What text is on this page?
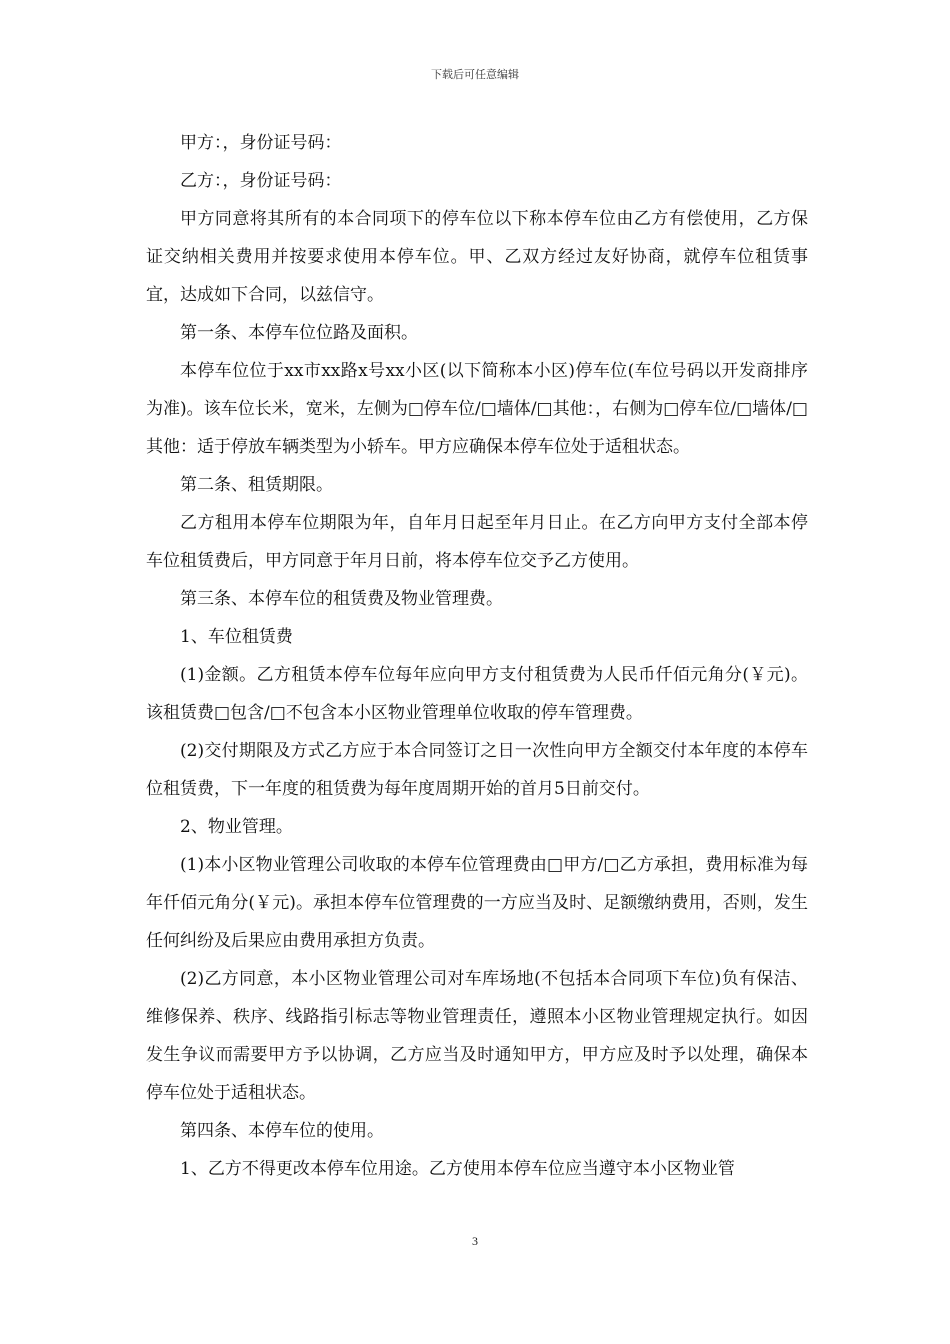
下载后可任意编辑

甲方：，身份证号码：

乙方：，身份证号码：

甲方同意将其所有的本合同项下的停车位以下称本停车位由乙方有偿使用，乙方保证交纳相关费用并按要求使用本停车位。甲、乙双方经过友好协商，就停车位租赁事宜，达成如下合同，以兹信守。

第一条、本停车位位路及面积。

本停车位位于xx市xx路x号xx小区(以下简称本小区)停车位(车位号码以开发商排序为准)。该车位长米，宽米，左侧为□停车位/□墙体/□其他：，右侧为□停车位/□墙体/□其他：适于停放车辆类型为小轿车。甲方应确保本停车位处于适租状态。

第二条、租赁期限。

乙方租用本停车位期限为年，自年月日起至年月日止。在乙方向甲方支付全部本停车位租赁费后，甲方同意于年月日前，将本停车位交予乙方使用。

第三条、本停车位的租赁费及物业管理费。

1、车位租赁费

(1)金额。乙方租赁本停车位每年应向甲方支付租赁费为人民币仟佰元角分(￥元)。该租赁费□包含/□不包含本小区物业管理单位收取的停车管理费。

(2)交付期限及方式乙方应于本合同签订之日一次性向甲方全额交付本年度的本停车位租赁费，下一年度的租赁费为每年度周期开始的首月5日前交付。

2、物业管理。

(1)本小区物业管理公司收取的本停车位管理费由□甲方/□乙方承担，费用标准为每年仟佰元角分(￥元)。承担本停车位管理费的一方应当及时、足额缴纳费用，否则，发生任何纠纷及后果应由费用承担方负责。

(2)乙方同意，本小区物业管理公司对车库场地(不包括本合同项下车位)负有保洁、维修保养、秩序、线路指引标志等物业管理责任，遵照本小区物业管理规定执行。如因发生争议而需要甲方予以协调，乙方应当及时通知甲方，甲方应及时予以处理，确保本停车位处于适租状态。

第四条、本停车位的使用。

1、乙方不得更改本停车位用途。乙方使用本停车位应当遵守本小区物业管

3
